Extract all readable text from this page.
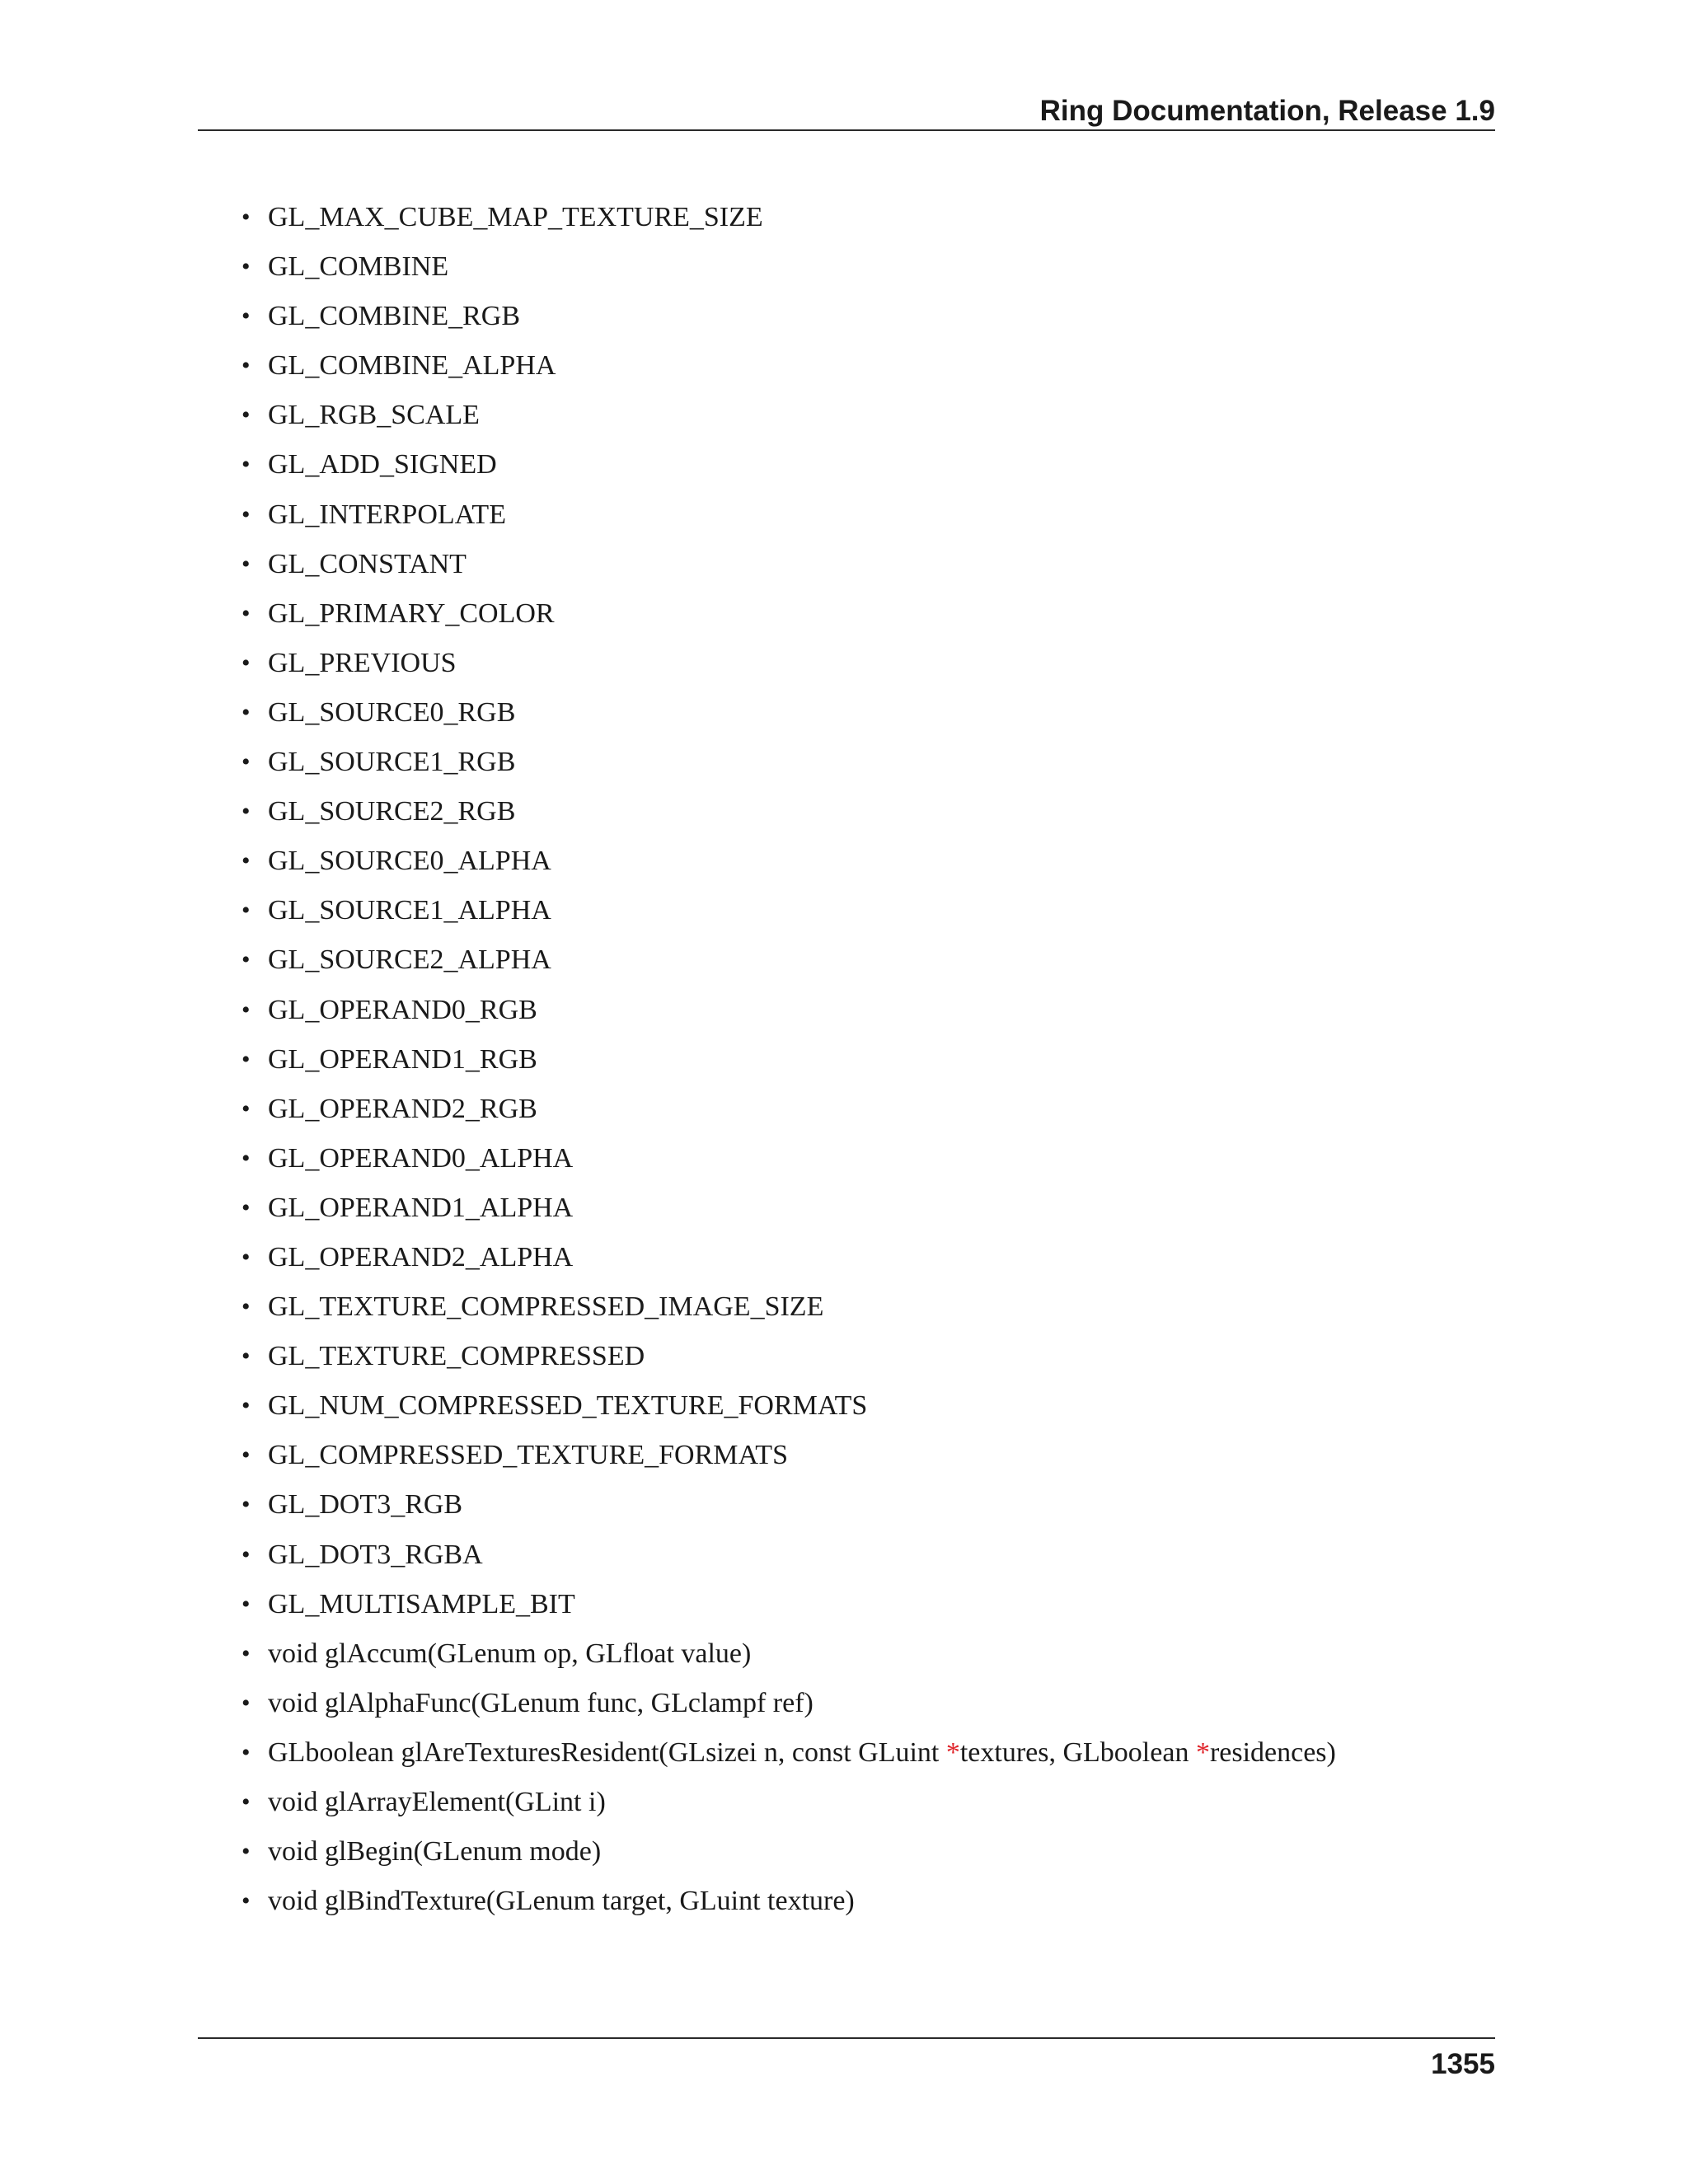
Ring Documentation, Release 1.9
• GL_MAX_CUBE_MAP_TEXTURE_SIZE
• GL_COMBINE
• GL_COMBINE_RGB
• GL_COMBINE_ALPHA
• GL_RGB_SCALE
• GL_ADD_SIGNED
• GL_INTERPOLATE
• GL_CONSTANT
• GL_PRIMARY_COLOR
• GL_PREVIOUS
• GL_SOURCE0_RGB
• GL_SOURCE1_RGB
• GL_SOURCE2_RGB
• GL_SOURCE0_ALPHA
• GL_SOURCE1_ALPHA
• GL_SOURCE2_ALPHA
• GL_OPERAND0_RGB
• GL_OPERAND1_RGB
• GL_OPERAND2_RGB
• GL_OPERAND0_ALPHA
• GL_OPERAND1_ALPHA
• GL_OPERAND2_ALPHA
• GL_TEXTURE_COMPRESSED_IMAGE_SIZE
• GL_TEXTURE_COMPRESSED
• GL_NUM_COMPRESSED_TEXTURE_FORMATS
• GL_COMPRESSED_TEXTURE_FORMATS
• GL_DOT3_RGB
• GL_DOT3_RGBA
• GL_MULTISAMPLE_BIT
• void glAccum(GLenum op, GLfloat value)
• void glAlphaFunc(GLenum func, GLclampf ref)
• GLboolean glAreTexturesResident(GLsizei n, const GLuint *textures, GLboolean *residences)
• void glArrayElement(GLint i)
• void glBegin(GLenum mode)
• void glBindTexture(GLenum target, GLuint texture)
1355
